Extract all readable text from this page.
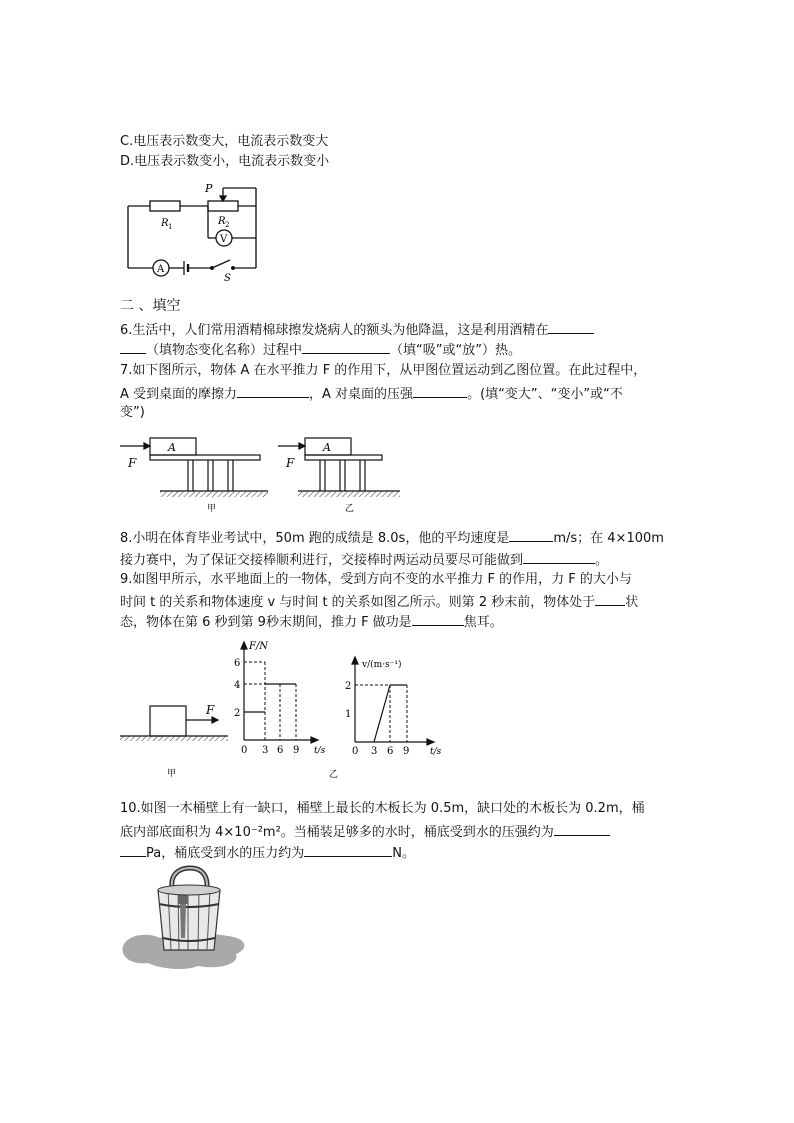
C.电压表示数变大，电流表示数变大
D.电压表示数变小，电流表示数变小
P
R 1	R 2
V
A
S
二 、填空
6.生活中，人们常用酒精棉球擦发烧病人的额头为他降温，这是利用酒精在
（填物态变化名称）过程中	（填“吸”或“放”）热。
7.如下图所示，物体 A 在水平推力 F 的作用下，从甲图位置运动到乙图位置。在此过程中，
A 受到桌面的摩擦力	，A 对桌面的压强	。(填“变大”、“变小”或“不
变”)
F
A
甲
F
A
乙
8.小明在体育毕业考试中，50m 跑的成绩是 8.0s，他的平均速度是	m/s；在 4×100m
接力赛中，为了保证交接棒顺利进行，交接棒时两运动员要尽可能做到	。
9.如图甲所示，水平地面上的一物体，受到方向不变的水平推力 F 的作用，力 F 的大小与
时间 t 的关系和物体速度 v 与时间 t 的关系如图乙所示。则第 2 秒末前，物体处于 状
态，物体在第 6 秒到第 9秒末期间，推力 F 做功是	焦耳。
F
甲
F/N
6
4
2
0 3 6 9 t/s
乙
v/(m·s⁻¹)
2
1
0 3 6 9 t/s
10.如图一木桶壁上有一缺口，桶壁上最长的木板长为 0.5m，缺口处的木板长为 0.2m，桶
底内部底面积为 4×10⁻²m²。当桶装足够多的水时，桶底受到水的压强约为
Pa，桶底受到水的压力约为	N。
